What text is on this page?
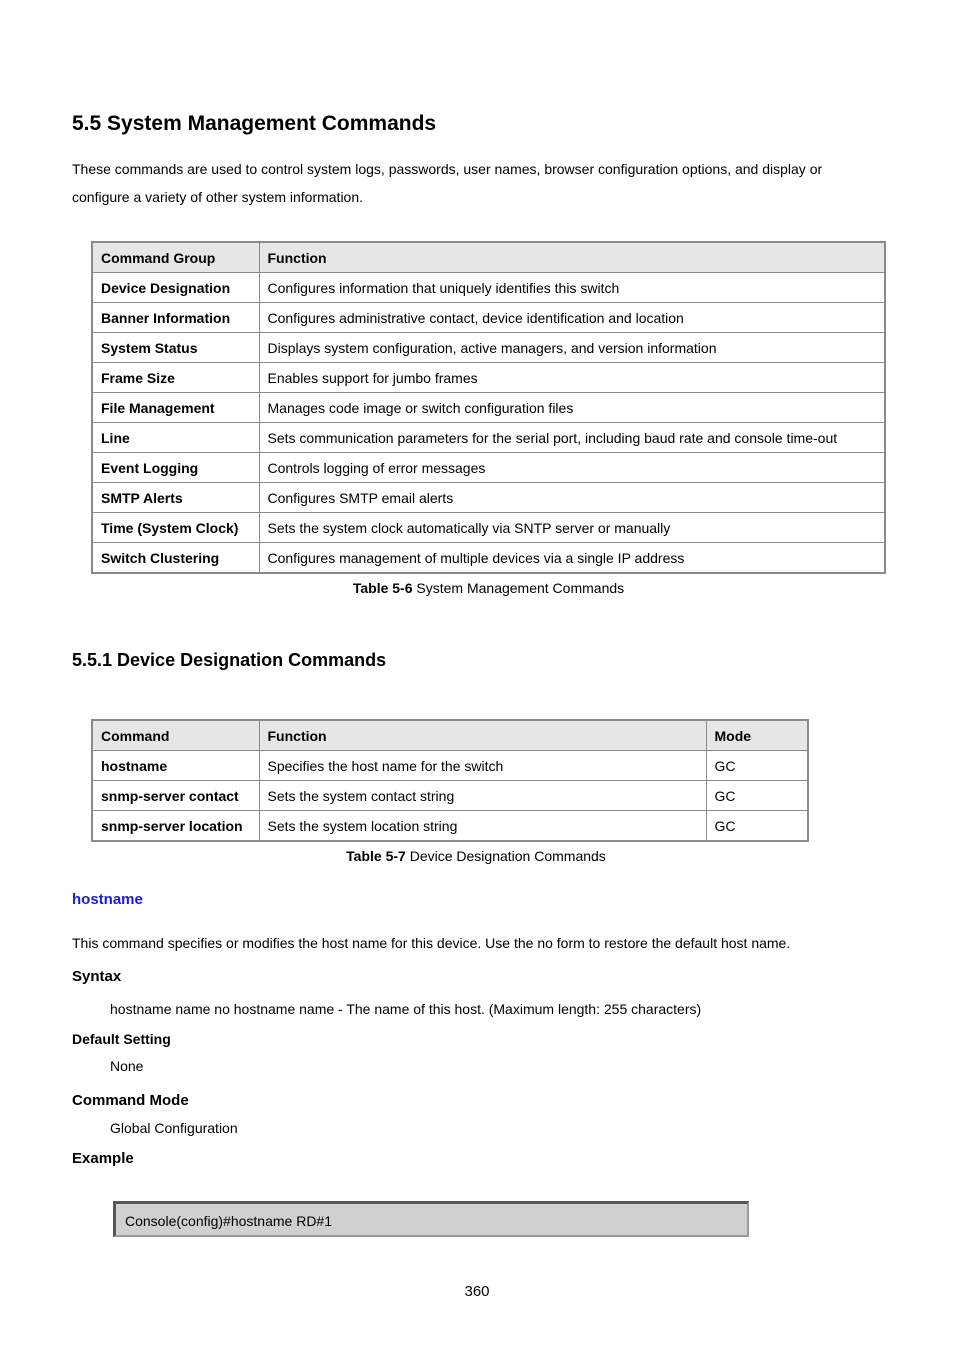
5.5 System Management Commands

These commands are used to control system logs, passwords, user names, browser configuration options, and display or configure a variety of other system information.

Command Group	Function
Device Designation	Configures information that uniquely identifies this switch
Banner Information	Configures administrative contact, device identification and location
System Status	Displays system configuration, active managers, and version information
Frame Size	Enables support for jumbo frames
File Management	Manages code image or switch configuration files
Line	Sets communication parameters for the serial port, including baud rate and console time-out
Event Logging	Controls logging of error messages
SMTP Alerts	Configures SMTP email alerts
Time (System Clock)	Sets the system clock automatically via SNTP server or manually
Switch Clustering	Configures management of multiple devices via a single IP address
Table 5-6 System Management Commands
5.5.1 Device Designation Commands
Command	Function	Mode
hostname	Specifies the host name for the switch	GC
snmp-server contact	Sets the system contact string	GC
snmp-server location	Sets the system location string	GC
Table 5-7 Device Designation Commands
hostname
This command specifies or modifies the host name for this device. Use the no form to restore the default host name.
Syntax
hostname name no hostname name - The name of this host. (Maximum length: 255 characters)
Default Setting
None
Command Mode
Global Configuration
Example
Console(config)#hostname RD#1
360
